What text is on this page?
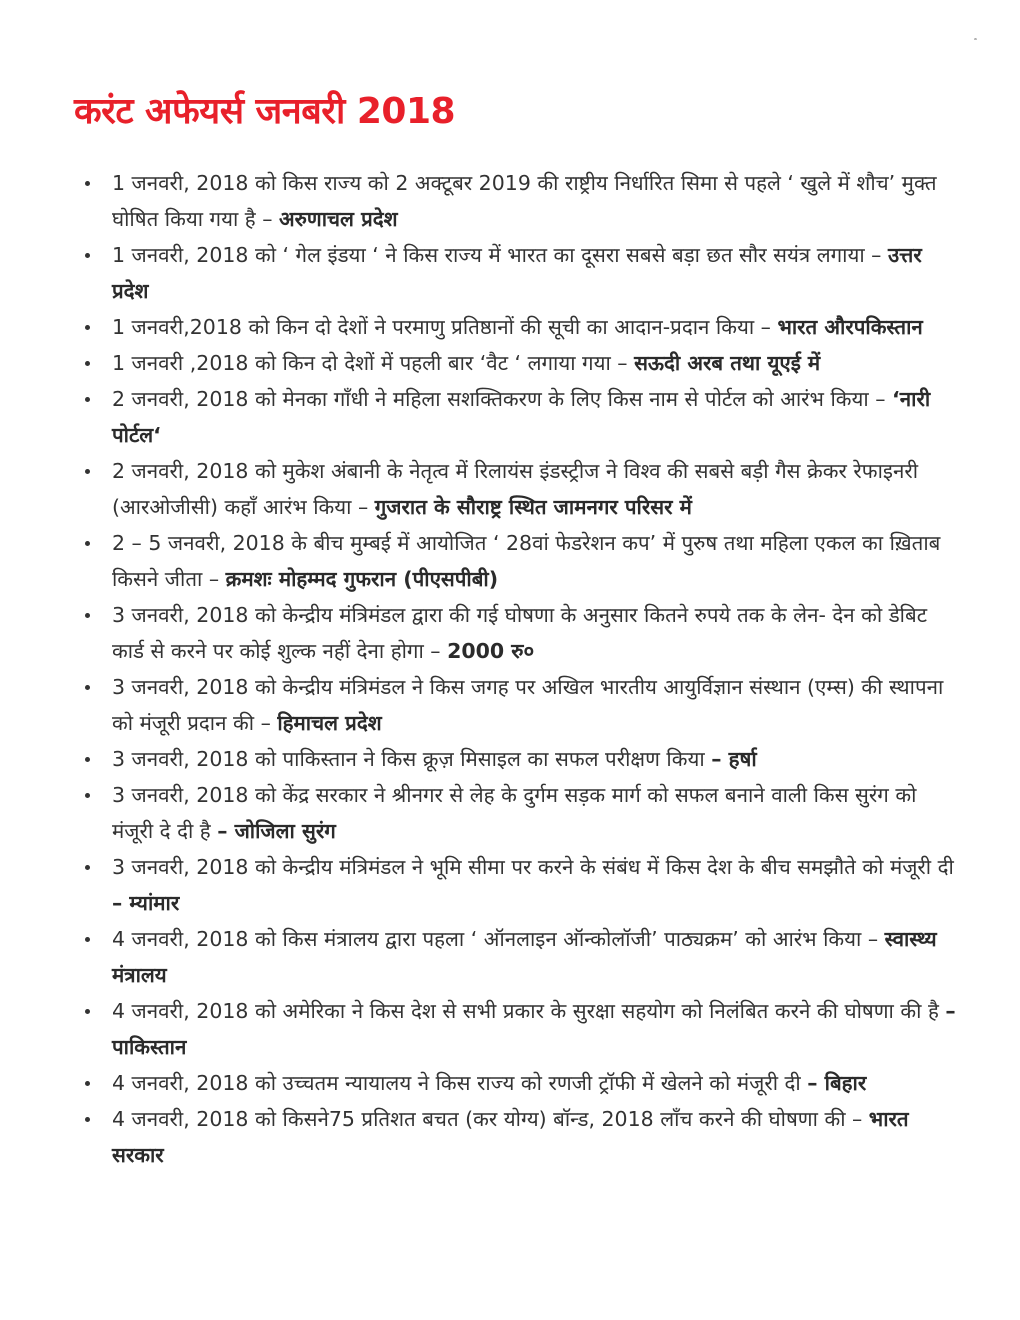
॰
करंट अफेयर्स जनबरी 2018
1 जनवरी, 2018 को किस राज्य को 2 अक्टूबर 2019 की राष्ट्रीय निर्धारित सिमा से पहले ‘ खुले में शौच’ मुक्त घोषित किया गया है – अरुणाचल प्रदेश
1 जनवरी, 2018 को ‘ गेल इंडया ‘ ने किस राज्य में भारत का दूसरा सबसे बड़ा छत सौर सयंत्र लगाया – उत्तर प्रदेश
1 जनवरी,2018 को किन दो देशों ने परमाणु प्रतिष्ठानों की सूची का आदान-प्रदान किया – भारत औरपकिस्तान
1 जनवरी ,2018 को किन दो देशों में पहली बार ‘वैट ‘ लगाया गया – सऊदी अरब तथा यूएई में
2 जनवरी, 2018 को मेनका गाँधी ने महिला सशक्तिकरण के लिए किस नाम से पोर्टल को आरंभ किया – ‘नारी पोर्टल‘
2 जनवरी, 2018 को मुकेश अंबानी के नेतृत्व में रिलायंस इंडस्ट्रीज ने विश्व की सबसे बड़ी गैस क्रेकर रेफाइनरी (आरओजीसी) कहाँ आरंभ किया – गुजरात के सौराष्ट्र स्थित जामनगर परिसर में
2 – 5 जनवरी, 2018 के बीच मुम्बई में आयोजित ‘ 28वां फेडरेशन कप’ में पुरुष तथा महिला एकल का ख़िताब किसने जीता – क्रमशः मोहम्मद गुफरान (पीएसपीबी)
3 जनवरी, 2018 को केन्द्रीय मंत्रिमंडल द्वारा की गई घोषणा के अनुसार कितने रुपये तक के लेन- देन को डेबिट कार्ड से करने पर कोई शुल्क नहीं देना होगा – 2000 रु०
3 जनवरी, 2018 को केन्द्रीय मंत्रिमंडल ने किस जगह पर अखिल भारतीय आयुर्विज्ञान संस्थान (एम्स) की स्थापना को मंजूरी प्रदान की – हिमाचल प्रदेश
3 जनवरी, 2018 को पाकिस्तान ने किस क्रूज़ मिसाइल का सफल परीक्षण किया – हर्षा
3 जनवरी, 2018 को केंद्र सरकार ने श्रीनगर से लेह के दुर्गम सड़क मार्ग को सफल बनाने वाली किस सुरंग को मंजूरी दे दी है – जोजिला सुरंग
3 जनवरी, 2018 को केन्द्रीय मंत्रिमंडल ने भूमि सीमा पर करने के संबंध में किस देश के बीच समझौते को मंजूरी दी – म्यांमार
4 जनवरी, 2018 को किस मंत्रालय द्वारा पहला ‘ ऑनलाइन ऑन्कोलॉजी’ पाठ्यक्रम’ को आरंभ किया – स्वास्थ्य मंत्रालय
4 जनवरी, 2018 को अमेरिका ने किस देश से सभी प्रकार के सुरक्षा सहयोग को निलंबित करने की घोषणा की है – पाकिस्तान
4 जनवरी, 2018 को उच्चतम न्यायालय ने किस राज्य को रणजी ट्रॉफी में खेलने को मंजूरी दी – बिहार
4 जनवरी, 2018 को किसने75 प्रतिशत बचत (कर योग्य) बॉन्ड, 2018 लाँच करने की घोषणा की – भारत सरकार
